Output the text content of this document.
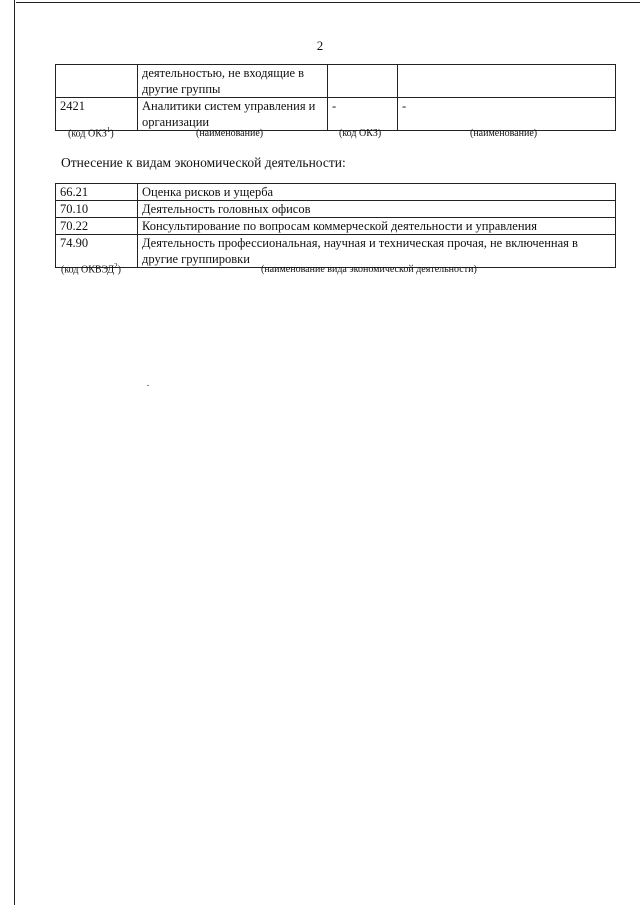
2
	деятельностью, не входящие в другие группы		
2421	Аналитики систем управления и организации	-	-
(код ОКЗ$^1$)	(наименование)	(код ОКЗ)	(наименование)
Отнесение к видам экономической деятельности:
66.21	Оценка рисков и ущерба
70.10	Деятельность головных офисов
70.22	Консультирование по вопросам коммерческой деятельности и управления
74.90	Деятельность профессиональная, научная и техническая прочая, не включенная в другие группировки
(код ОКВЭД$^2$)	(наименование вида экономической деятельности)
